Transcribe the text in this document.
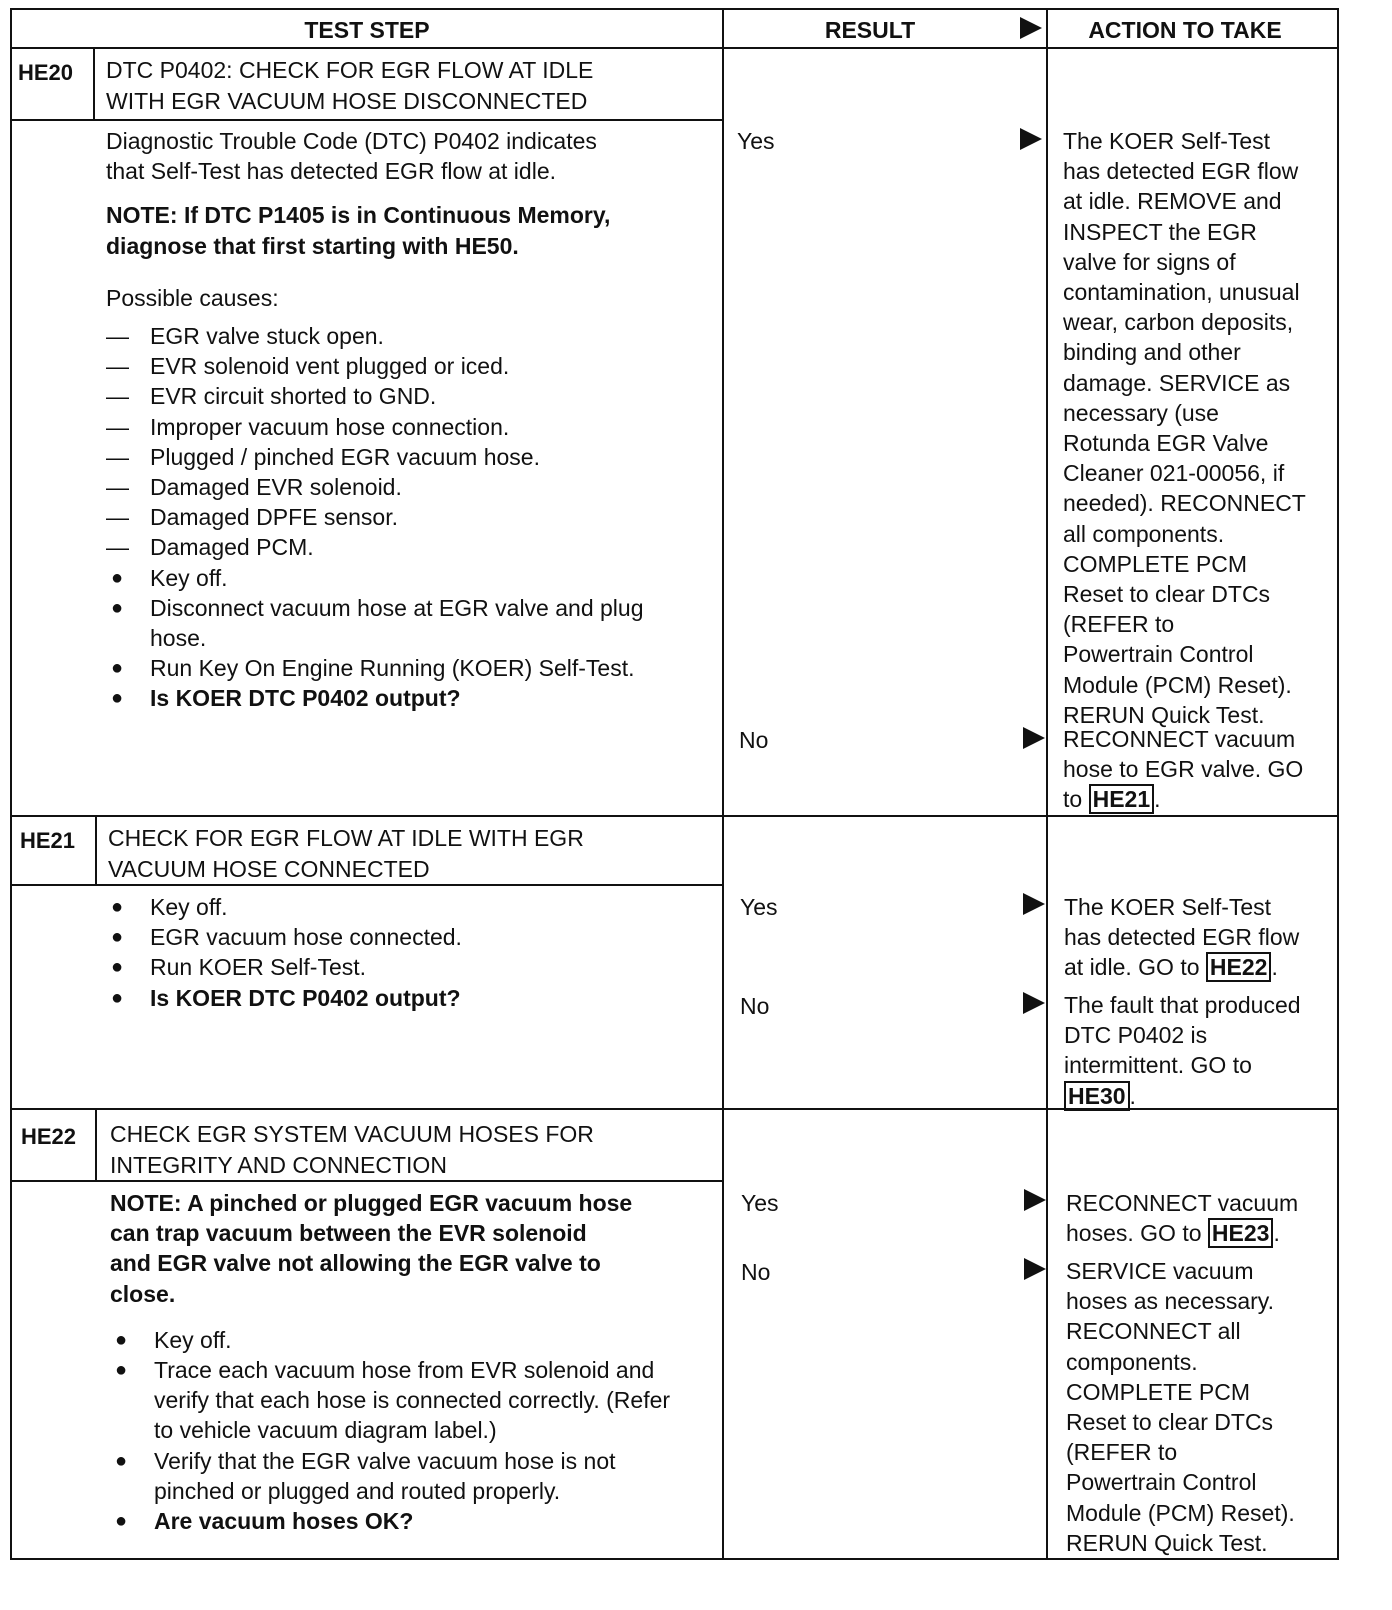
TEST STEP	RESULT	ACTION TO TAKE
HE20 DTC P0402: CHECK FOR EGR FLOW AT IDLE
WITH EGR VACUUM HOSE DISCONNECTED
Diagnostic Trouble Code (DTC) P0402 indicates
that Self-Test has detected EGR flow at idle.
NOTE: If DTC P1405 is in Continuous Memory,
diagnose that first starting with HE50.
Possible causes:
— EGR valve stuck open.
— EVR solenoid vent plugged or iced.
— EVR circuit shorted to GND.
— Improper vacuum hose connection.
— Plugged / pinched EGR vacuum hose.
— Damaged EVR solenoid.
— Damaged DPFE sensor.
— Damaged PCM.
● Key off.
● Disconnect vacuum hose at EGR valve and plug hose.
● Run Key On Engine Running (KOER) Self-Test.
● Is KOER DTC P0402 output?
Yes	The KOER Self-Test
has detected EGR flow
at idle. REMOVE and
INSPECT the EGR
valve for signs of
contamination, unusual
wear, carbon deposits,
binding and other
damage. SERVICE as
necessary (use
Rotunda EGR Valve
Cleaner 021-00056, if
needed). RECONNECT
all components.
COMPLETE PCM
Reset to clear DTCs
(REFER to
Powertrain Control
Module (PCM) Reset).
RERUN Quick Test.
No	RECONNECT vacuum
hose to EGR valve. GO
to HE21 .
HE21 CHECK FOR EGR FLOW AT IDLE WITH EGR
VACUUM HOSE CONNECTED
● Key off.
● EGR vacuum hose connected.
● Run KOER Self-Test.
● Is KOER DTC P0402 output?
Yes	The KOER Self-Test
has detected EGR flow
at idle. GO to HE22 .
No	The fault that produced
DTC P0402 is
intermittent. GO to
HE30 .
HE22 CHECK EGR SYSTEM VACUUM HOSES FOR
INTEGRITY AND CONNECTION
NOTE: A pinched or plugged EGR vacuum hose
can trap vacuum between the EVR solenoid
and EGR valve not allowing the EGR valve to
close.
● Key off.
● Trace each vacuum hose from EVR solenoid and verify that each hose is connected correctly. (Refer to vehicle vacuum diagram label.)
● Verify that the EGR valve vacuum hose is not pinched or plugged and routed properly.
● Are vacuum hoses OK?
Yes	RECONNECT vacuum
hoses. GO to HE23 .
No	SERVICE vacuum
hoses as necessary.
RECONNECT all
components.
COMPLETE PCM
Reset to clear DTCs
(REFER to
Powertrain Control
Module (PCM) Reset).
RERUN Quick Test.
